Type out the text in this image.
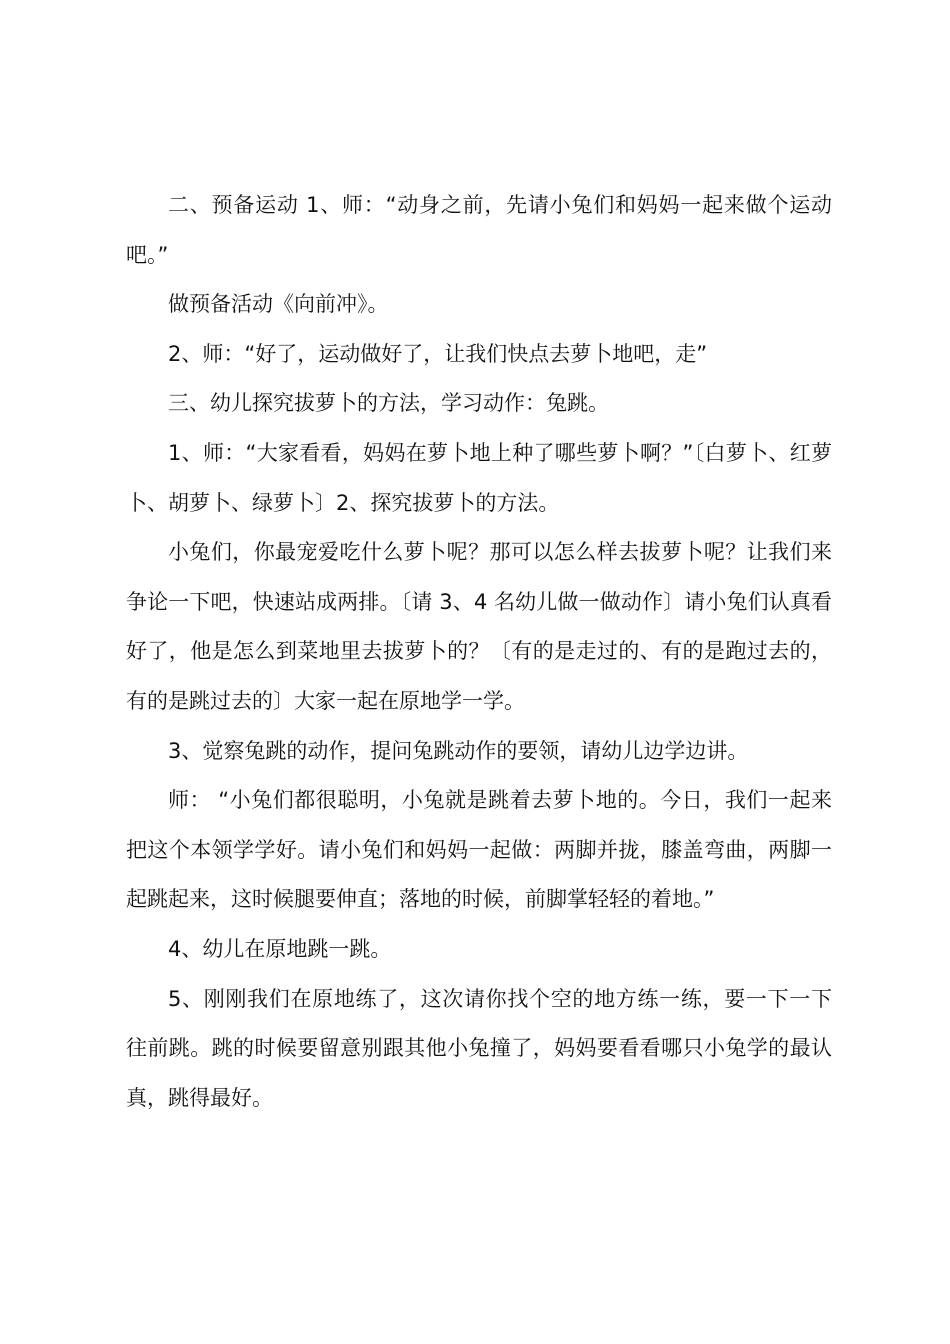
二、预备运动 1、师：“动身之前，先请小兔们和妈妈一起来做个运动吧。”

做预备活动《向前冲》。

2、师：“好了，运动做好了，让我们快点去萝卜地吧，走”

三、幼儿探究拔萝卜的方法，学习动作：兔跳。

1、师：“大家看看，妈妈在萝卜地上种了哪些萝卜啊？”〔白萝卜、红萝卜、胡萝卜、绿萝卜〕2、探究拔萝卜的方法。

小兔们，你最宠爱吃什么萝卜呢？那可以怎么样去拔萝卜呢？让我们来争论一下吧，快速站成两排。〔请 3、4 名幼儿做一做动作〕请小兔们认真看好了，他是怎么到菜地里去拔萝卜的？〔有的是走过的、有的是跑过去的，有的是跳过去的〕大家一起在原地学一学。

3、觉察兔跳的动作，提问兔跳动作的要领，请幼儿边学边讲。

师： “小兔们都很聪明，小兔就是跳着去萝卜地的。今日，我们一起来把这个本领学学好。请小兔们和妈妈一起做：两脚并拢，膝盖弯曲，两脚一起跳起来，这时候腿要伸直；落地的时候，前脚掌轻轻的着地。”

4、幼儿在原地跳一跳。

5、刚刚我们在原地练了，这次请你找个空的地方练一练，要一下一下往前跳。跳的时候要留意别跟其他小兔撞了，妈妈要看看哪只小兔学的最认真，跳得最好。
